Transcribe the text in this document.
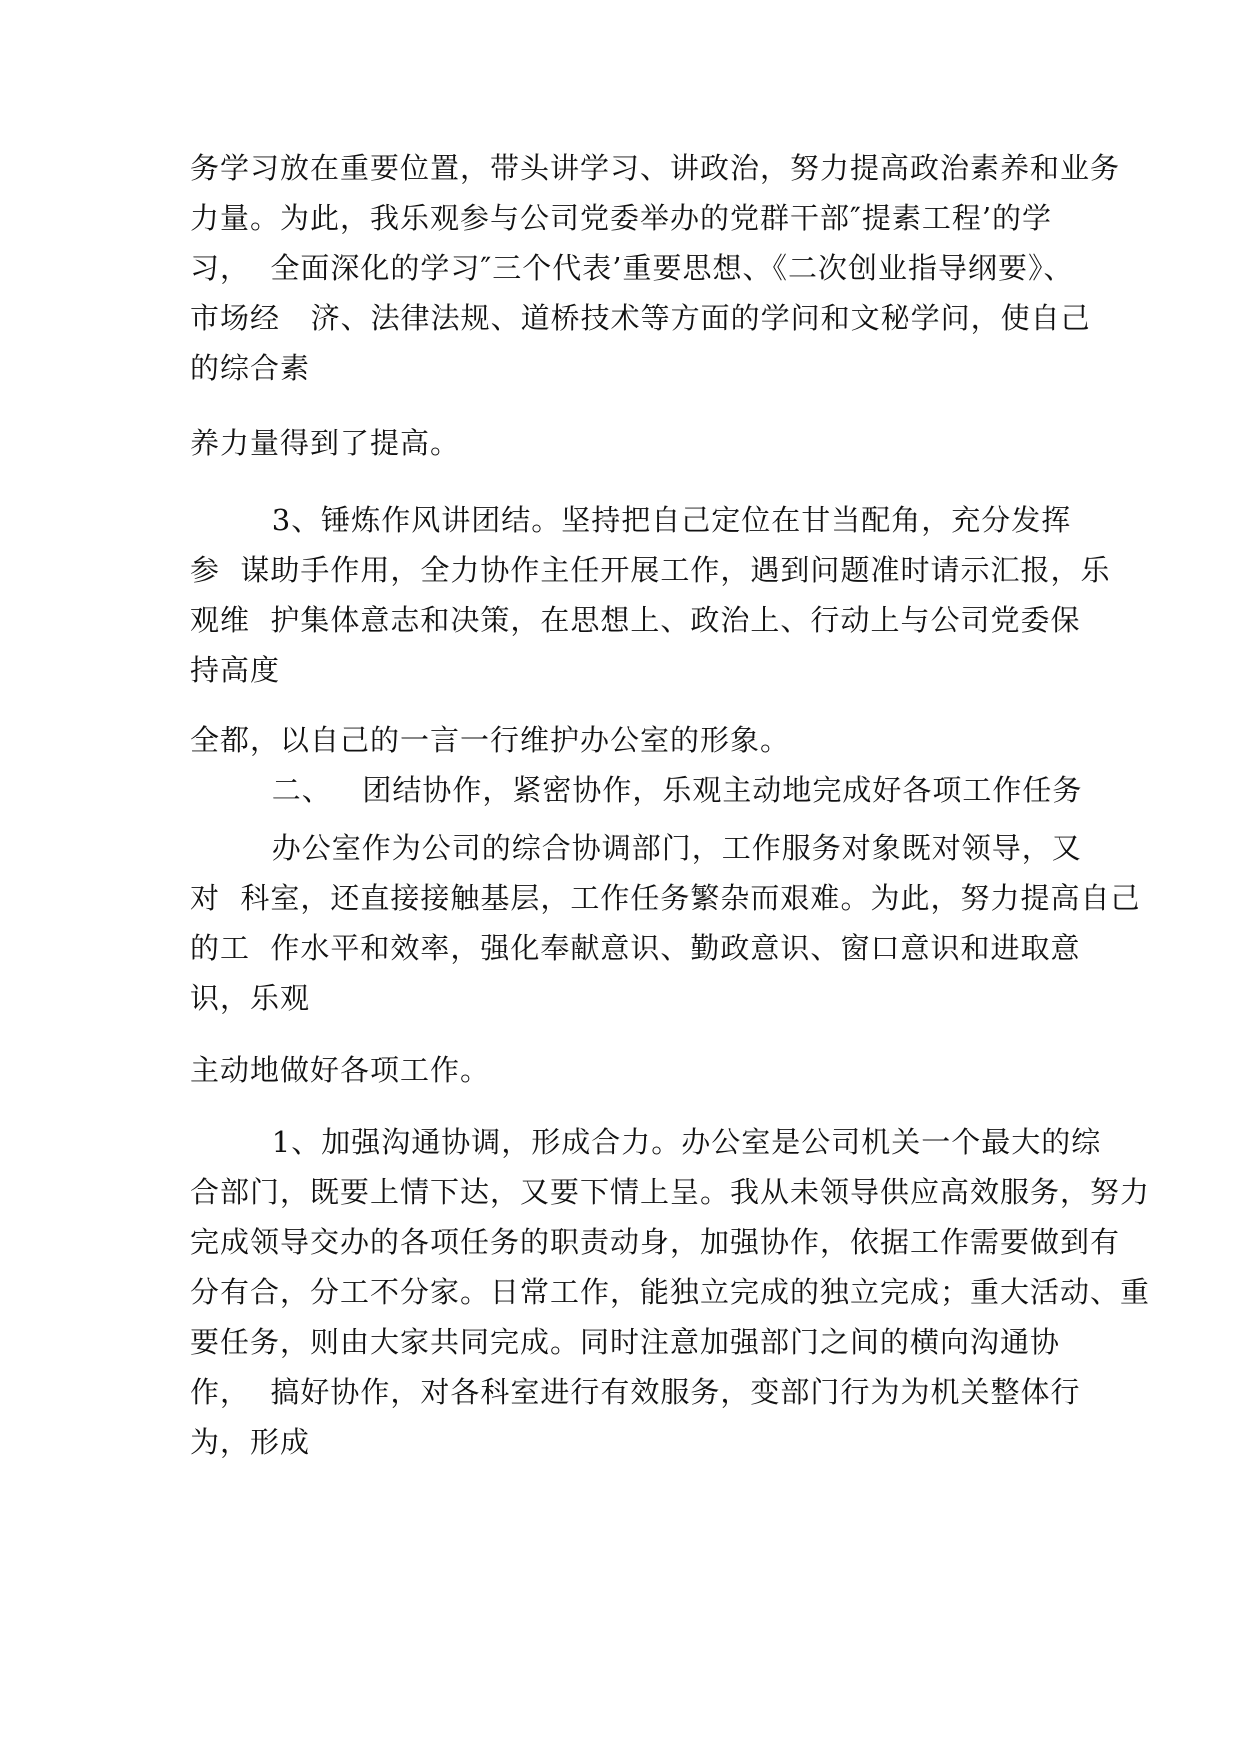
务学习放在重要位置，带头讲学习、讲政治，努力提高政治素养和业务
力量。为此，我乐观参与公司党委举办的党群干部″提素工程’的学
习，  全面深化的学习″三个代表’重要思想、《二次创业指导纲要》、
市场经   济、法律法规、道桥技术等方面的学问和文秘学问，使自己
的综合素
养力量得到了提高。
3、锤炼作风讲团结。坚持把自己定位在甘当配角，充分发挥
参  谋助手作用，全力协作主任开展工作，遇到问题准时请示汇报，乐
观维  护集体意志和决策，在思想上、政治上、行动上与公司党委保
持高度
全都，以自己的一言一行维护办公室的形象。
二、   团结协作，紧密协作，乐观主动地完成好各项工作任务
办公室作为公司的综合协调部门，工作服务对象既对领导，又
对  科室，还直接接触基层，工作任务繁杂而艰难。为此，努力提高自己
的工  作水平和效率，强化奉献意识、勤政意识、窗口意识和进取意
识，乐观
主动地做好各项工作。
1、加强沟通协调，形成合力。办公室是公司机关一个最大的综
合部门，既要上情下达，又要下情上呈。我从未领导供应高效服务，努力
完成领导交办的各项任务的职责动身，加强协作，依据工作需要做到有
分有合，分工不分家。日常工作，能独立完成的独立完成；重大活动、重
要任务，则由大家共同完成。同时注意加强部门之间的横向沟通协
作，  搞好协作，对各科室进行有效服务，变部门行为为机关整体行
为，形成
